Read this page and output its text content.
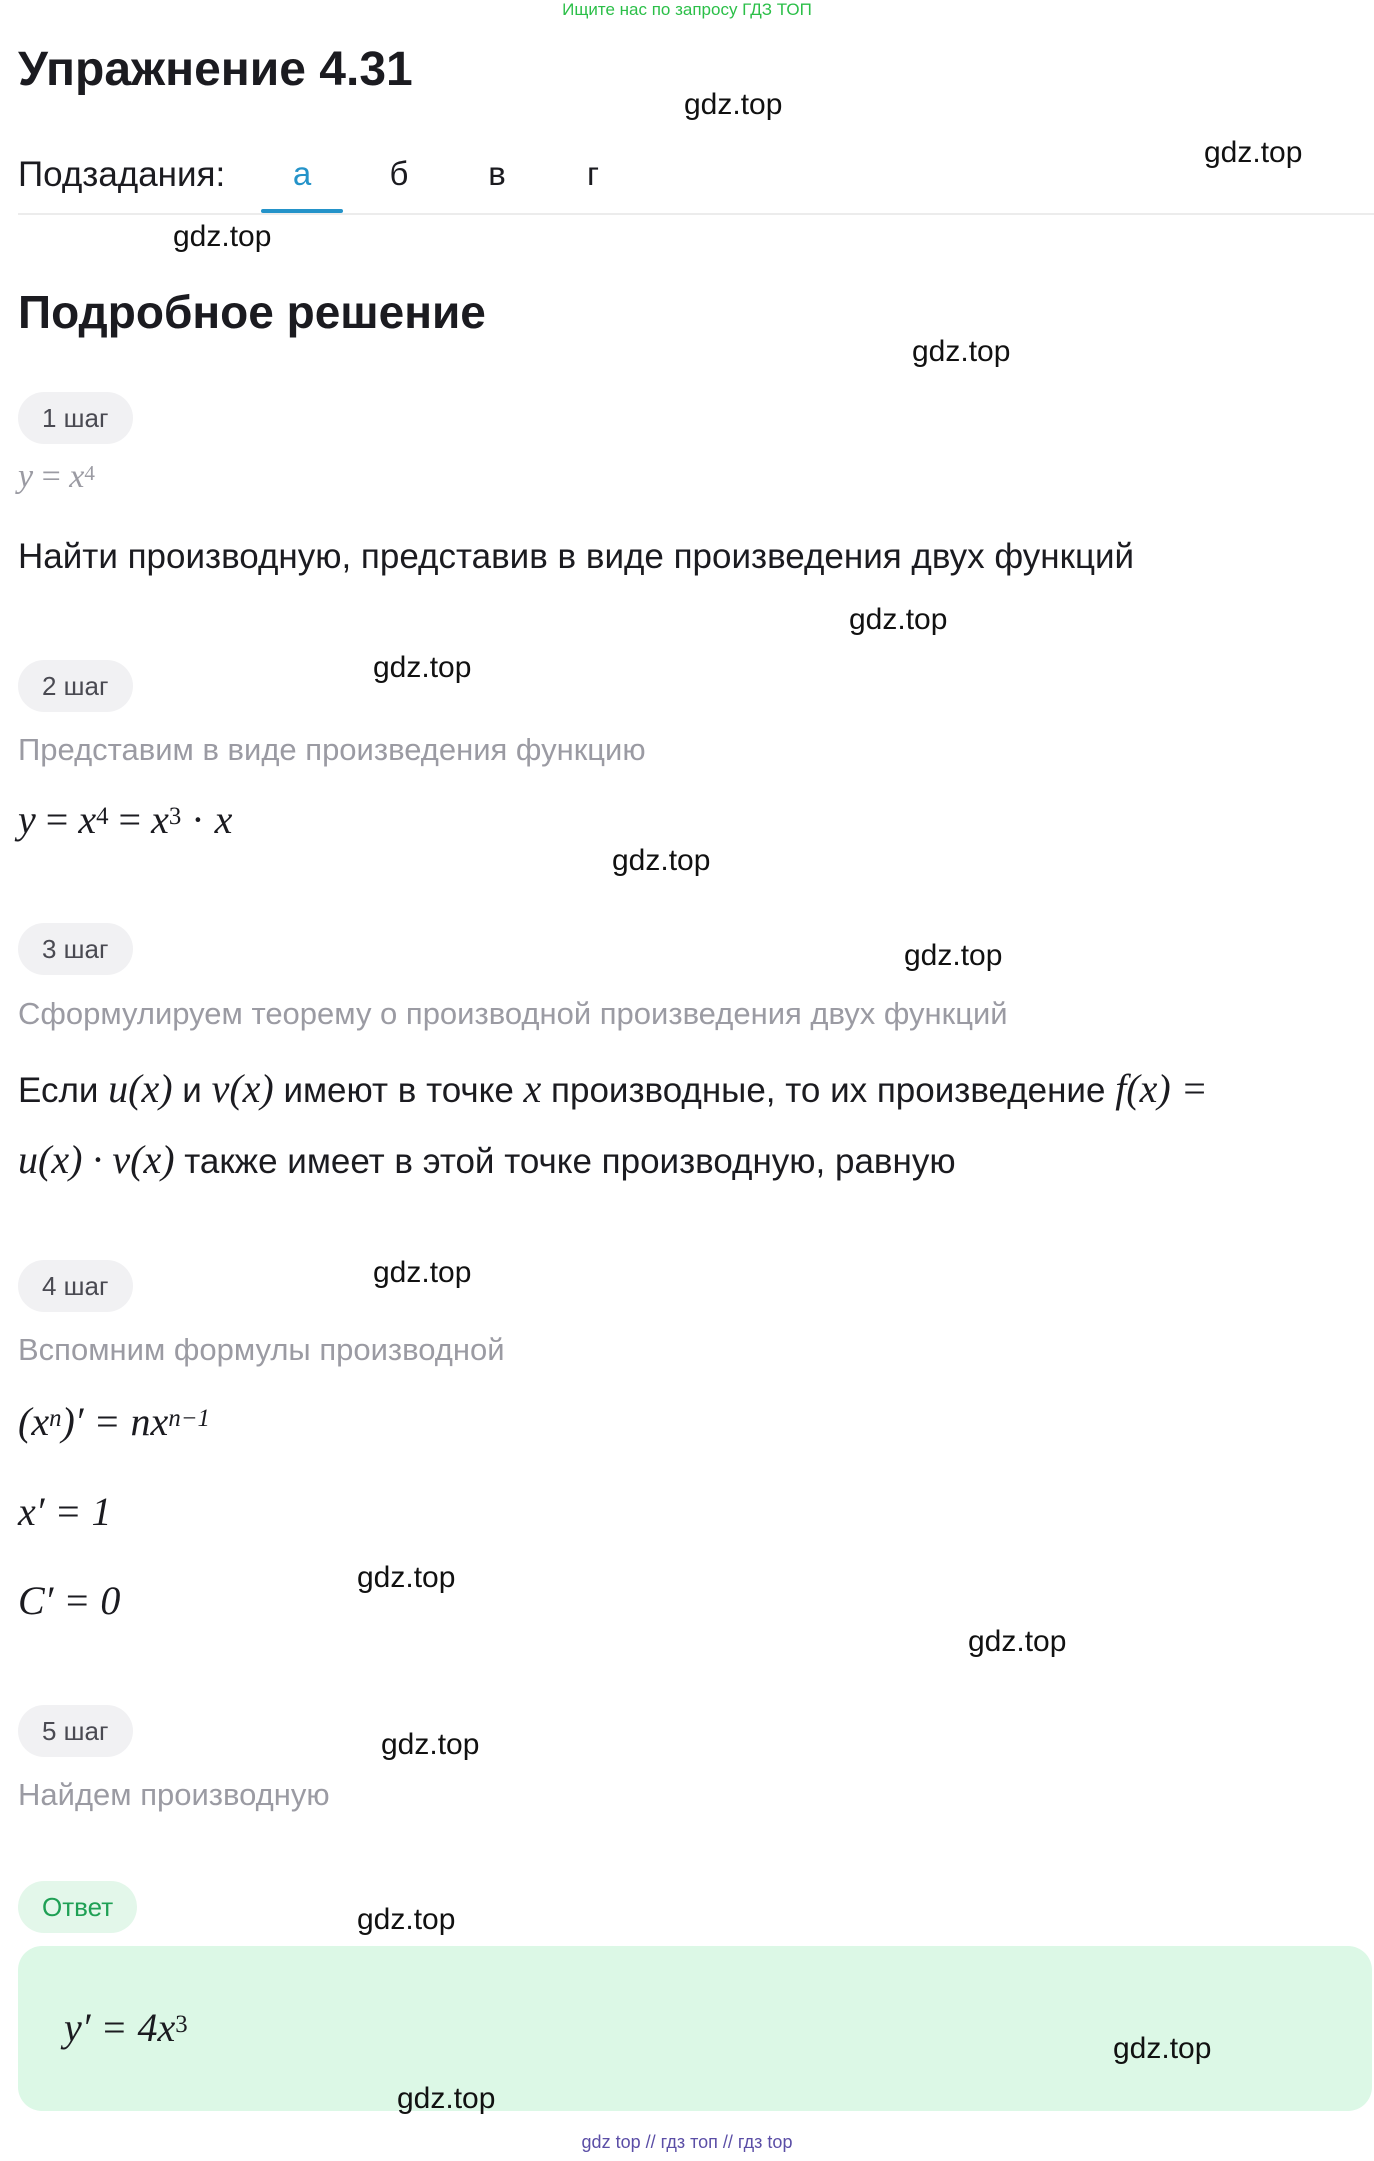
Ищите нас по запросу ГДЗ ТОП
Упражнение 4.31
Подзадания:	а	б	в	г
Подробное решение
1 шаг
$y = x^4$
Найти производную, представив в виде произведения двух функций
2 шаг
Представим в виде произведения функцию
$y = x^4 = x^3 \cdot x$
3 шаг
Сформулируем теорему о производной произведения двух функций
Если u(x) и v(x) имеют в точке x производные, то их произведение f(x) =
u(x) · v(x) также имеет в этой точке производную, равную
4 шаг
Вспомним формулы производной
$(x^n)' = nx^{n-1}$
x′ = 1
C′ = 0
5 шаг
Найдем производную
Ответ
$y' = 4x^3$
gdz.top
gdz.top
gdz.top
gdz.top
gdz.top
gdz.top
gdz.top
gdz.top
gdz.top
gdz.top
gdz.top
gdz.top
gdz.top
gdz.top
gdz.top
gdz top // гдз топ // гдз top
